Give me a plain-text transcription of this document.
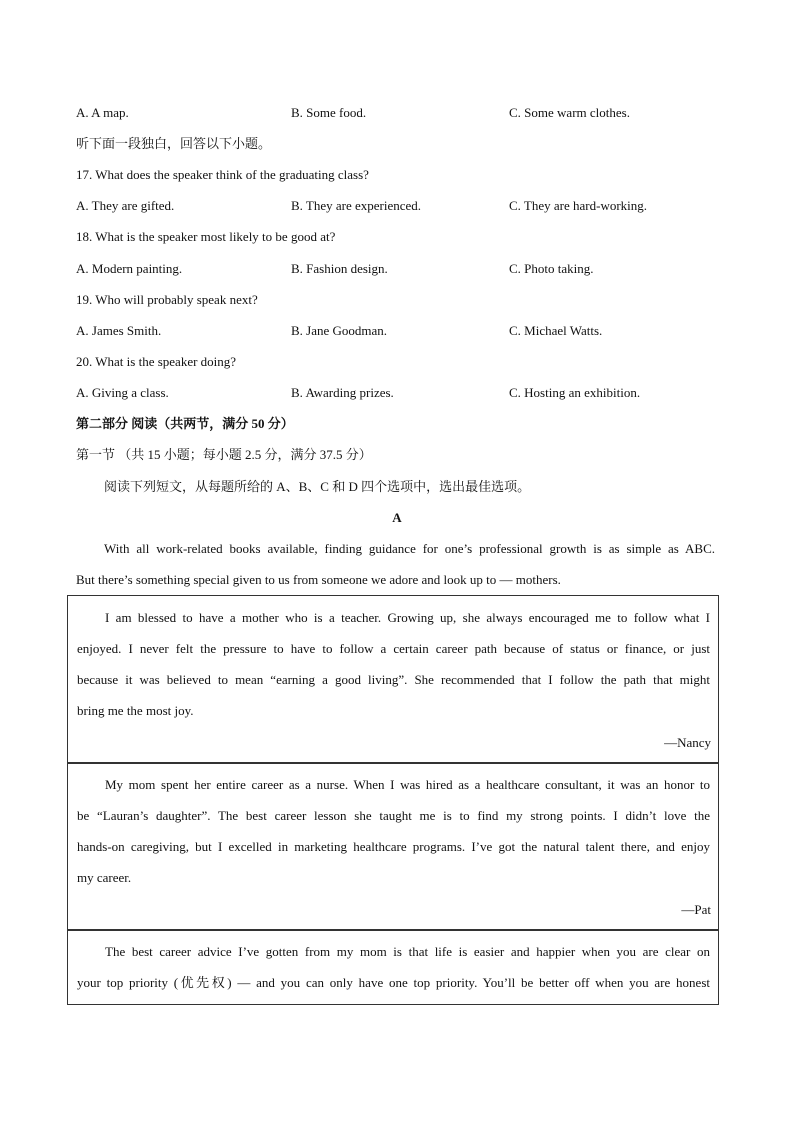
A. A map.	B. Some food.	C. Some warm clothes.
听下面一段独白，回答以下小题。
17. What does the speaker think of the graduating class?
A. They are gifted.	B. They are experienced.	C. They are hard-working.
18. What is the speaker most likely to be good at?
A. Modern painting.	B. Fashion design.	C. Photo taking.
19. Who will probably speak next?
A. James Smith.	B. Jane Goodman.	C. Michael Watts.
20. What is the speaker doing?
A. Giving a class.	B. Awarding prizes.	C. Hosting an exhibition.
第二部分 阅读（共两节，满分 50 分）
第一节 （共 15 小题；每小题 2.5 分，满分 37.5 分）
阅读下列短文，从每题所给的 A、B、C 和 D 四个选项中，选出最佳选项。
A
With all work-related books available, finding guidance for one’s professional growth is as simple as ABC.
But there’s something special given to us from someone we adore and look up to — mothers.
I am blessed to have a mother who is a teacher. Growing up, she always encouraged me to follow what I
enjoyed. I never felt the pressure to have to follow a certain career path because of status or finance, or just
because it was believed to mean “earning a good living”. She recommended that I follow the path that might
bring me the most joy.
—Nancy
My mom spent her entire career as a nurse. When I was hired as a healthcare consultant, it was an honor to
be “Lauran’s daughter”. The best career lesson she taught me is to find my strong points. I didn’t love the
hands-on caregiving, but I excelled in marketing healthcare programs. I’ve got the natural talent there, and enjoy
my career.
—Pat
The best career advice I’ve gotten from my mom is that life is easier and happier when you are clear on
your top priority (优先权) — and you can only have one top priority. You’ll be better off when you are honest
